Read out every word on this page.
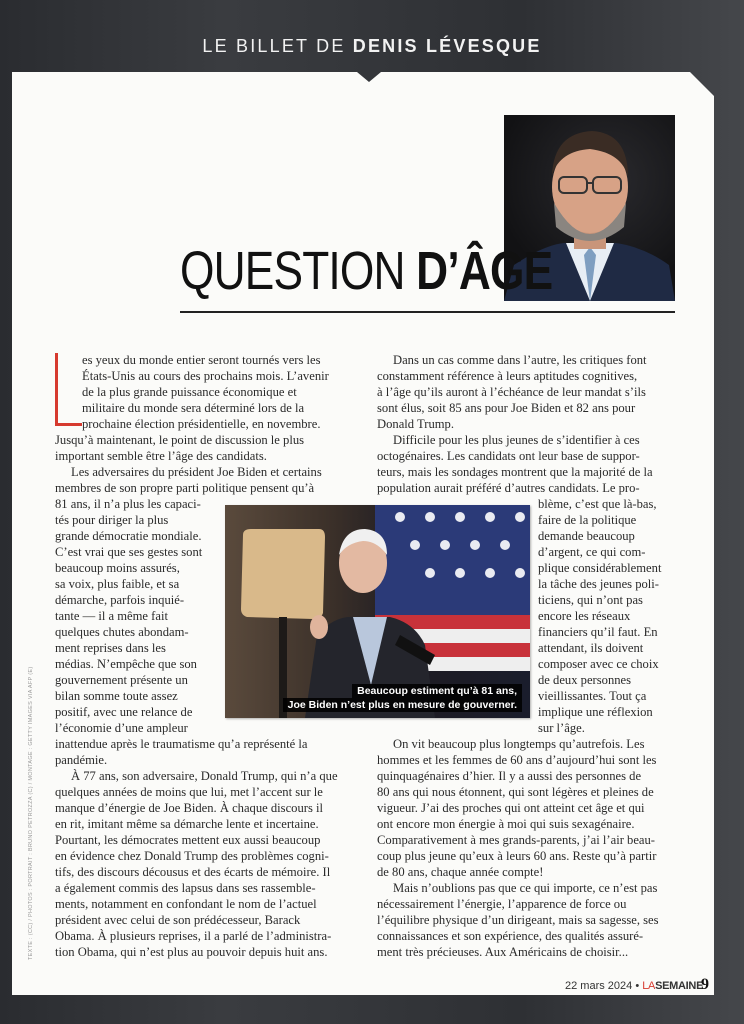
LE BILLET DE DENIS LÉVESQUE
QUESTION D’ÂGE

es yeux du monde entier seront tournés vers les
États-Unis au cours des prochains mois. L’avenir
de la plus grande puissance économique et
militaire du monde sera déterminé lors de la
prochaine élection présidentielle, en novembre.

Jusqu’à maintenant, le point de discussion le plus
important semble être l’âge des candidats.

Les adversaires du président Joe Biden et certains
membres de son propre parti politique pensent qu’à
81 ans, il n’a plus les capaci-
tés pour diriger la plus
grande démocratie mondiale.
C’est vrai que ses gestes sont
beaucoup moins assurés,
sa voix, plus faible, et sa
démarche, parfois inquié-
tante — il a même fait
quelques chutes abondam-
ment reprises dans les
médias. N’empêche que son
gouvernement présente un
bilan somme toute assez
positif, avec une relance de
l’économie d’une ampleur
inattendue après le traumatisme qu’a représenté la
pandémie.

À 77 ans, son adversaire, Donald Trump, qui n’a que
quelques années de moins que lui, met l’accent sur le
manque d’énergie de Joe Biden. À chaque discours il
en rit, imitant même sa démarche lente et incertaine.
Pourtant, les démocrates mettent eux aussi beaucoup
en évidence chez Donald Trump des problèmes cogni-
tifs, des discours décousus et des écarts de mémoire. Il
a également commis des lapsus dans ses rassemble-
ments, notamment en confondant le nom de l’actuel
président avec celui de son prédécesseur, Barack
Obama. À plusieurs reprises, il a parlé de l’administra-
tion Obama, qui n’est plus au pouvoir depuis huit ans.

Dans un cas comme dans l’autre, les critiques font
constamment référence à leurs aptitudes cognitives,
à l’âge qu’ils auront à l’échéance de leur mandat s’ils
sont élus, soit 85 ans pour Joe Biden et 82 ans pour
Donald Trump.

Difficile pour les plus jeunes de s’identifier à ces
octogénaires. Les candidats ont leur base de suppor-
teurs, mais les sondages montrent que la majorité de la
population aurait préféré d’autres candidats. Le pro-

blème, c’est que là-bas,
faire de la politique
demande beaucoup
d’argent, ce qui com-
plique considérablement
la tâche des jeunes poli-
ticiens, qui n’ont pas
encore les réseaux
financiers qu’il faut. En
attendant, ils doivent
composer avec ce choix
de deux personnes
vieillissantes. Tout ça
implique une réflexion
sur l’âge.

On vit beaucoup plus longtemps qu’autrefois. Les
hommes et les femmes de 60 ans d’aujourd’hui sont les
quinquagénaires d’hier. Il y a aussi des personnes de
80 ans qui nous étonnent, qui sont légères et pleines de
vigueur. J’ai des proches qui ont atteint cet âge et qui
ont encore mon énergie à moi qui suis sexagénaire.
Comparativement à mes grands-parents, j’ai l’air beau-
coup plus jeune qu’eux à leurs 60 ans. Reste qu’à partir
de 80 ans, chaque année compte!

Mais n’oublions pas que ce qui importe, ce n’est pas
nécessairement l’énergie, l’apparence de force ou
l’équilibre physique d’un dirigeant, mais sa sagesse, ses
connaissances et son expérience, des qualités assuré-
ment très précieuses. Aux Américains de choisir...

Beaucoup estiment qu’à 81 ans,
Joe Biden n’est plus en mesure de gouverner.
TEXTE : (CC) / PHOTOS : PORTRAIT : BRUNO PETROZZA (C) / MONTAGE : GETTY IMAGES VIA AFP (E)
22 mars 2024 • LASEMAINE
9
